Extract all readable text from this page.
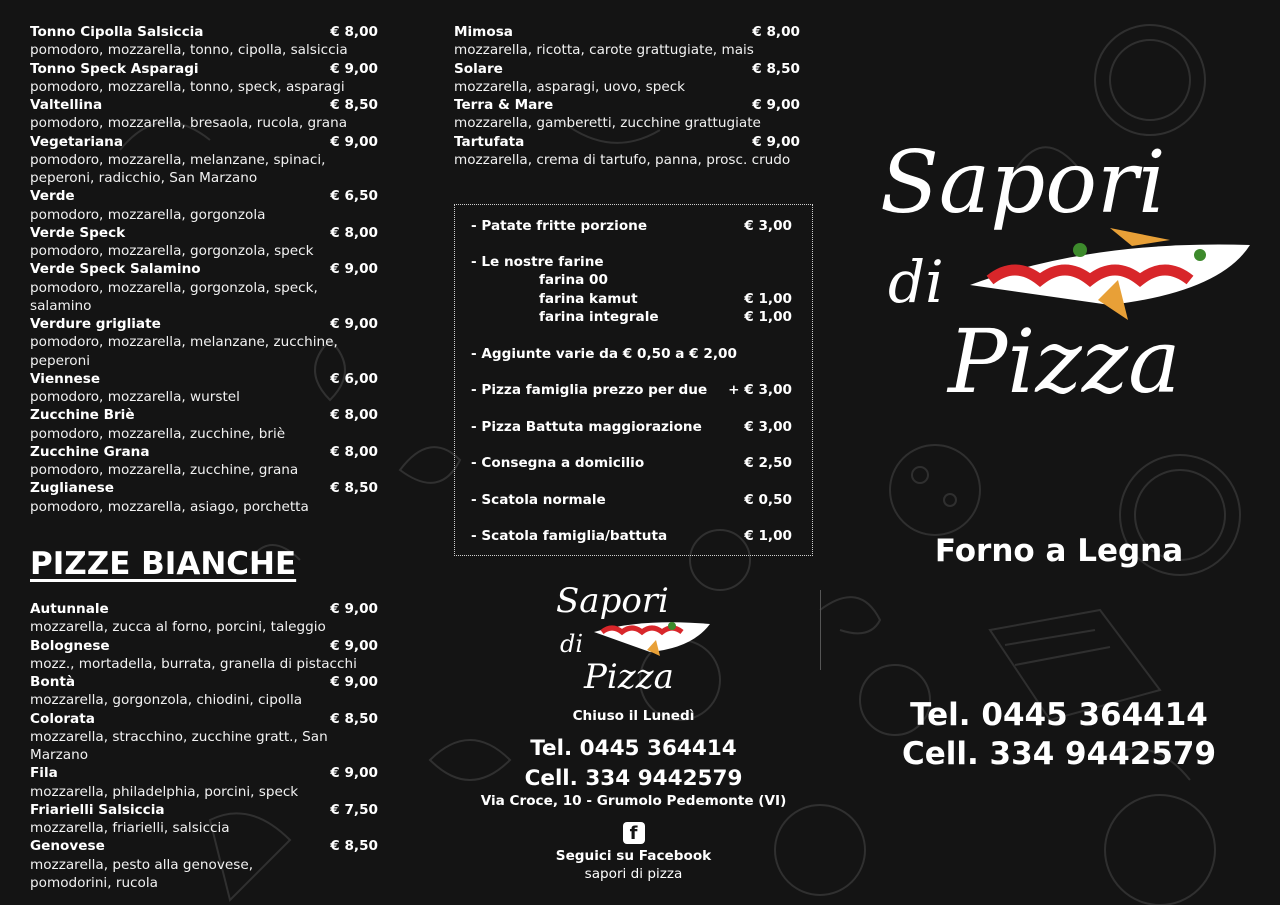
Tonno Cipolla Salsiccia	€ 8,00
pomodoro, mozzarella, tonno, cipolla, salsiccia
Tonno Speck Asparagi	€ 9,00
pomodoro, mozzarella, tonno, speck, asparagi
Valtellina	€ 8,50
pomodoro, mozzarella, bresaola, rucola, grana
Vegetariana	€ 9,00
pomodoro, mozzarella, melanzane, spinaci,
peperoni, radicchio, San Marzano
Verde	€ 6,50
pomodoro, mozzarella, gorgonzola
Verde Speck	€ 8,00
pomodoro, mozzarella, gorgonzola, speck
Verde Speck Salamino	€ 9,00
pomodoro, mozzarella, gorgonzola, speck,
salamino
Verdure grigliate	€ 9,00
pomodoro, mozzarella, melanzane, zucchine,
peperoni
Viennese	€ 6,00
pomodoro, mozzarella, wurstel
Zucchine Briè	€ 8,00
pomodoro, mozzarella, zucchine, briè
Zucchine Grana	€ 8,00
pomodoro, mozzarella, zucchine, grana
Zuglianese	€ 8,50
pomodoro, mozzarella, asiago, porchetta
PIZZE BIANCHE
Autunnale	€ 9,00
mozzarella, zucca al forno, porcini, taleggio
Bolognese	€ 9,00
mozz., mortadella, burrata, granella di pistacchi
Bontà	€ 9,00
mozzarella, gorgonzola, chiodini, cipolla
Colorata	€ 8,50
mozzarella, stracchino, zucchine gratt., San Marzano
Fila	€ 9,00
mozzarella, philadelphia, porcini, speck
Friarielli Salsiccia	€ 7,50
mozzarella, friarielli, salsiccia
Genovese	€ 8,50
mozzarella, pesto alla genovese,
pomodorini, rucola
Mimosa	€ 8,00
mozzarella, ricotta, carote grattugiate, mais
Solare	€ 8,50
mozzarella, asparagi, uovo, speck
Terra & Mare	€ 9,00
mozzarella, gamberetti, zucchine grattugiate
Tartufata	€ 9,00
mozzarella, crema di tartufo, panna, prosc. crudo
- Patate fritte porzione	€ 3,00
- Le nostre farine
farina 00
farina kamut	€ 1,00
farina integrale	€ 1,00
- Aggiunte varie da € 0,50 a € 2,00
- Pizza famiglia prezzo per due + € 3,00
- Pizza Battuta maggiorazione	€ 3,00
- Consegna a domicilio	€ 2,50
- Scatola normale	€ 0,50
- Scatola famiglia/battuta	€ 1,00
Sapori
di
Pizza
Chiuso il Lunedì
Tel. 0445 364414
Cell. 334 9442579
Via Croce, 10 - Grumolo Pedemonte (VI)
f
Seguici su Facebook
sapori di pizza
Sapori
di
Pizza
Forno a Legna
Tel. 0445 364414
Cell. 334 9442579
